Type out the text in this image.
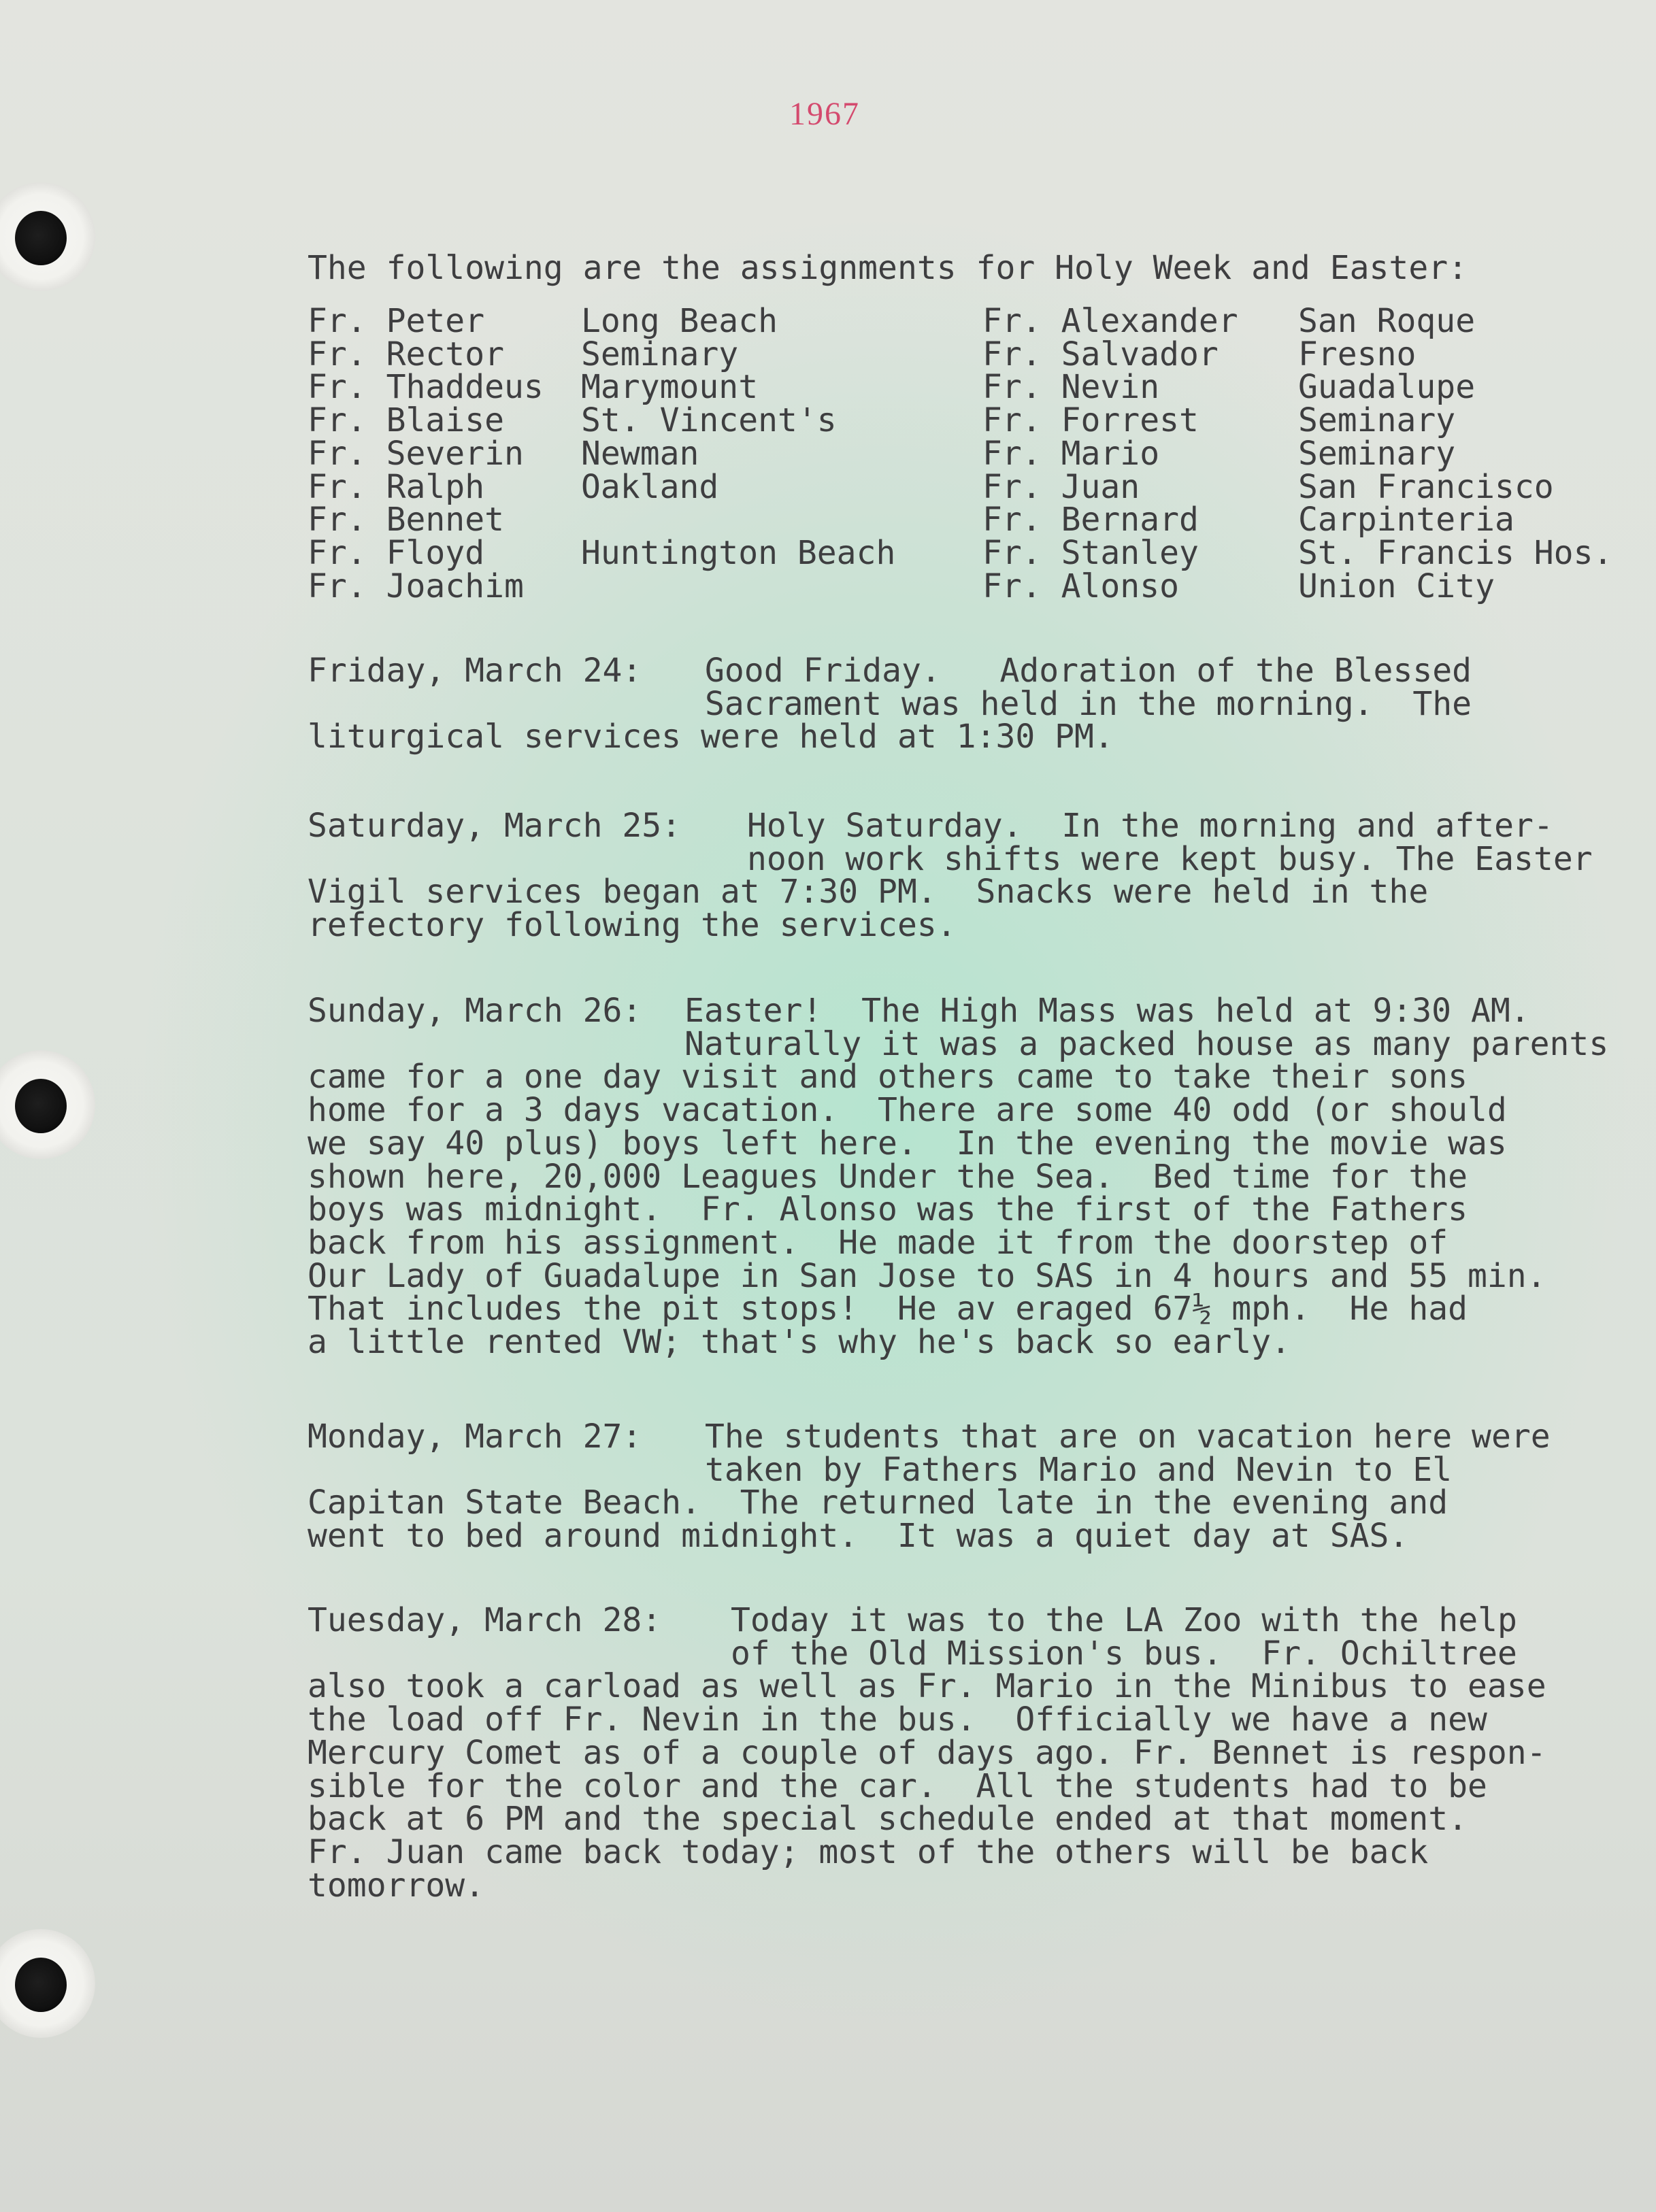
1967

The following are the assignments for Holy Week and Easter:

Fr. Peter
Fr. Rector
Fr. Thaddeus
Fr. Blaise
Fr. Severin
Fr. Ralph
Fr. Bennet
Fr. Floyd
Fr. Joachim
Long Beach
Seminary
Marymount
St. Vincent's
Newman
Oakland

Huntington Beach

Fr. Alexander
Fr. Salvador
Fr. Nevin
Fr. Forrest
Fr. Mario
Fr. Juan
Fr. Bernard
Fr. Stanley
Fr. Alonso
San Roque
Fresno
Guadalupe
Seminary
Seminary
San Francisco
Carpinteria
St. Francis Hos.
Union City
Friday, March 24: Good Friday.   Adoration of the Blessed
Sacrament was held in the morning.  The
liturgical services were held at 1:30 PM.
Saturday, March 25: Holy Saturday.  In the morning and after-
noon work shifts were kept busy. The Easter
Vigil services began at 7:30 PM.  Snacks were held in the
refectory following the services.
Sunday, March 26: Easter!  The High Mass was held at 9:30 AM.
Naturally it was a packed house as many parents
came for a one day visit and others came to take their sons
home for a 3 days vacation.  There are some 40 odd (or should
we say 40 plus) boys left here.  In the evening the movie was
shown here, 20,000 Leagues Under the Sea.  Bed time for the
boys was midnight.  Fr. Alonso was the first of the Fathers
back from his assignment.  He made it from the doorstep of
Our Lady of Guadalupe in San Jose to SAS in 4 hours and 55 min.
That includes the pit stops!  He av eraged 67½ mph.  He had
a little rented VW; that's why he's back so early.
Monday, March 27: The students that are on vacation here were
taken by Fathers Mario and Nevin to El
Capitan State Beach.  The returned late in the evening and
went to bed around midnight.  It was a quiet day at SAS.
Tuesday, March 28: Today it was to the LA Zoo with the help
of the Old Mission's bus.  Fr. Ochiltree
also took a carload as well as Fr. Mario in the Minibus to ease
the load off Fr. Nevin in the bus.  Officially we have a new
Mercury Comet as of a couple of days ago. Fr. Bennet is respon-
sible for the color and the car.  All the students had to be
back at 6 PM and the special schedule ended at that moment.
Fr. Juan came back today; most of the others will be back
tomorrow.
